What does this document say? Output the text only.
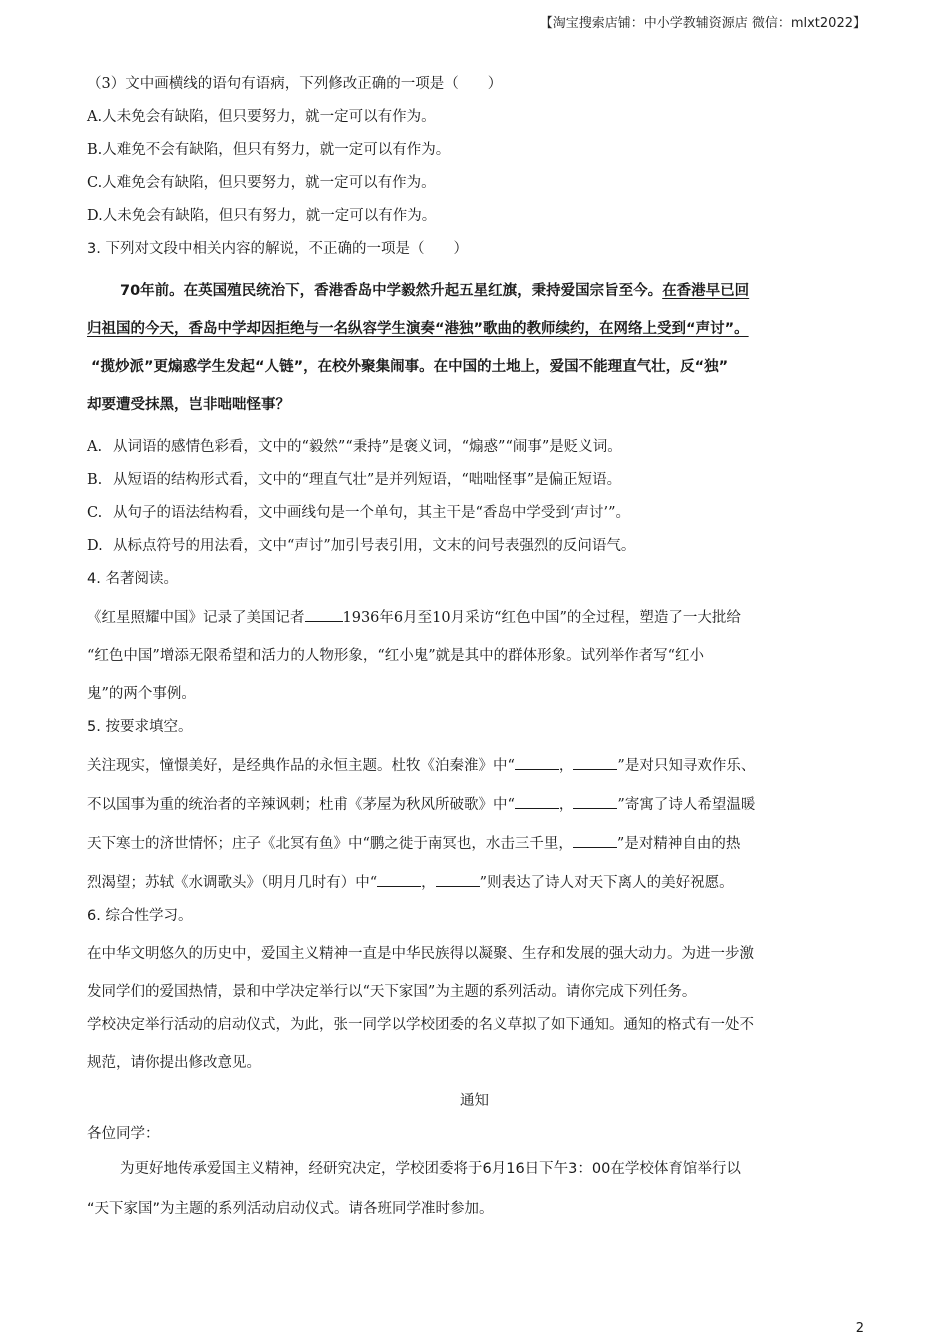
【淘宝搜索店铺：中小学教辅资源店 微信：mlxt2022】
（3）文中画横线的语句有语病，下列修改正确的一项是（　　）
A.人未免会有缺陷，但只要努力，就一定可以有作为。
B.人难免不会有缺陷，但只有努力，就一定可以有作为。
C.人难免会有缺陷，但只要努力，就一定可以有作为。
D.人未免会有缺陷，但只有努力，就一定可以有作为。
3. 下列对文段中相关内容的解说，不正确的一项是（　　）
70年前。在英国殖民统治下，香港香岛中学毅然升起五星红旗，秉持爱国宗旨至今。在香港早已回
归祖国的今天，香岛中学却因拒绝与一名纵容学生演奏“港独”歌曲的教师续约，在网络上受到“声讨”。
“揽炒派”更煽惑学生发起“人链”，在校外聚集闹事。在中国的土地上，爱国不能理直气壮，反“独”
却要遭受抹黑，岂非咄咄怪事？
A. 从词语的感情色彩看，文中的“毅然”“秉持”是褒义词，“煽惑”“闹事”是贬义词。
B. 从短语的结构形式看，文中的“理直气壮”是并列短语，“咄咄怪事”是偏正短语。
C. 从句子的语法结构看，文中画线句是一个单句，其主干是“香岛中学受到‘声讨’”。
D. 从标点符号的用法看，文中“声讨”加引号表引用，文末的问号表强烈的反问语气。
4. 名著阅读。
《红星照耀中国》记录了美国记者	1936年6月至10月采访“红色中国”的全过程，塑造了一大批给
“红色中国”增添无限希望和活力的人物形象，“红小鬼”就是其中的群体形象。试列举作者写“红小
鬼”的两个事例。
5. 按要求填空。
关注现实，憧憬美好，是经典作品的永恒主题。杜牧《泊秦淮》中“	，	”是对只知寻欢作乐、
不以国事为重的统治者的辛辣讽刺；杜甫《茅屋为秋风所破歌》中“	，	”寄寓了诗人希望温暖
天下寒士的济世情怀；庄子《北冥有鱼》中“鹏之徙于南冥也，水击三千里，	”是对精神自由的热
烈渴望；苏轼《水调歌头》（明月几时有）中“	，	”则表达了诗人对天下离人的美好祝愿。
6. 综合性学习。
在中华文明悠久的历史中，爱国主义精神一直是中华民族得以凝聚、生存和发展的强大动力。为进一步激
发同学们的爱国热情，景和中学决定举行以“天下家国”为主题的系列活动。请你完成下列任务。
学校决定举行活动的启动仪式，为此，张一同学以学校团委的名义草拟了如下通知。通知的格式有一处不
规范，请你提出修改意见。
通知
各位同学：
为更好地传承爱国主义精神，经研究决定，学校团委将于6月16日下午3：00在学校体育馆举行以
“天下家国”为主题的系列活动启动仪式。请各班同学准时参加。
2
